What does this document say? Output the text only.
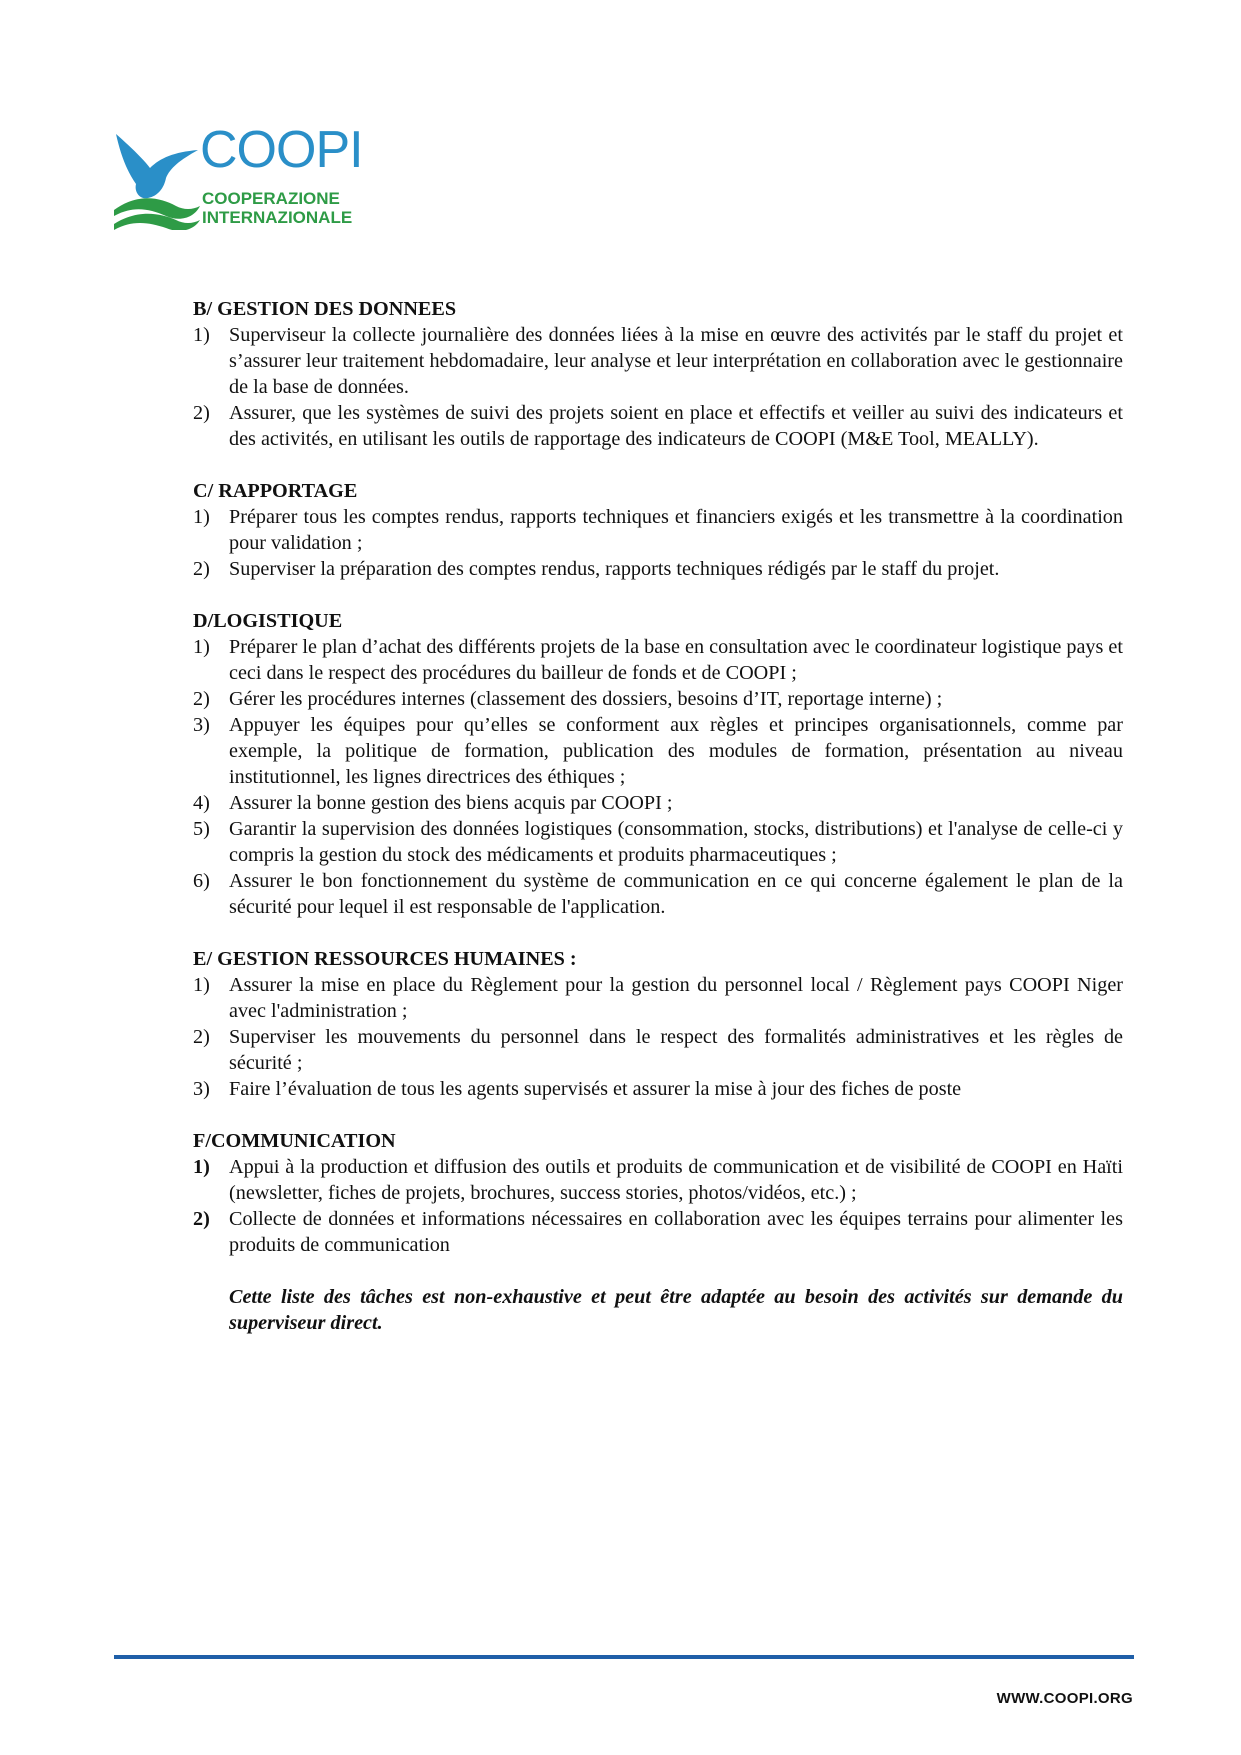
COOPI
COOPERAZIONE
INTERNAZIONALE

B/ GESTION DES DONNEES

1) Superviseur la collecte journalière des données liées à la mise en œuvre des activités par le staff du projet et s’assurer leur traitement hebdomadaire, leur analyse et leur interprétation en collaboration avec le gestionnaire de la base de données.
2) Assurer, que les systèmes de suivi des projets soient en place et effectifs et veiller au suivi des indicateurs et des activités, en utilisant les outils de rapportage des indicateurs de COOPI (M&E Tool, MEALLY).

C/ RAPPORTAGE

1) Préparer tous les comptes rendus, rapports techniques et financiers exigés et les transmettre à la coordination pour validation ;
2) Superviser la préparation des comptes rendus, rapports techniques rédigés par le staff du projet.

D/LOGISTIQUE

1) Préparer le plan d’achat des différents projets de la base en consultation avec le coordinateur logistique pays et ceci dans le respect des procédures du bailleur de fonds et de COOPI ;
2) Gérer les procédures internes (classement des dossiers, besoins d’IT, reportage interne) ;
3) Appuyer les équipes pour qu’elles se conforment aux règles et principes organisationnels, comme par exemple, la politique de formation, publication des modules de formation, présentation au niveau institutionnel, les lignes directrices des éthiques ;
4) Assurer la bonne gestion des biens acquis par COOPI ;
5) Garantir la supervision des données logistiques (consommation, stocks, distributions) et l'analyse de celle-ci y compris la gestion du stock des médicaments et produits pharmaceutiques ;
6) Assurer le bon fonctionnement du système de communication en ce qui concerne également le plan de la sécurité pour lequel il est responsable de l'application.

E/ GESTION RESSOURCES HUMAINES :

1) Assurer la mise en place du Règlement pour la gestion du personnel local / Règlement pays COOPI Niger avec l'administration ;
2) Superviser les mouvements du personnel dans le respect des formalités administratives et les règles de sécurité ;
3) Faire l’évaluation de tous les agents supervisés et assurer la mise à jour des fiches de poste

F/COMMUNICATION

1) Appui à la production et diffusion des outils et produits de communication et de visibilité de COOPI en Haïti (newsletter, fiches de projets, brochures, success stories, photos/vidéos, etc.) ;
2) Collecte de données et informations nécessaires en collaboration avec les équipes terrains pour alimenter les produits de communication

Cette liste des tâches est non-exhaustive et peut être adaptée au besoin des activités sur demande du superviseur direct.

WWW.COOPI.ORG
